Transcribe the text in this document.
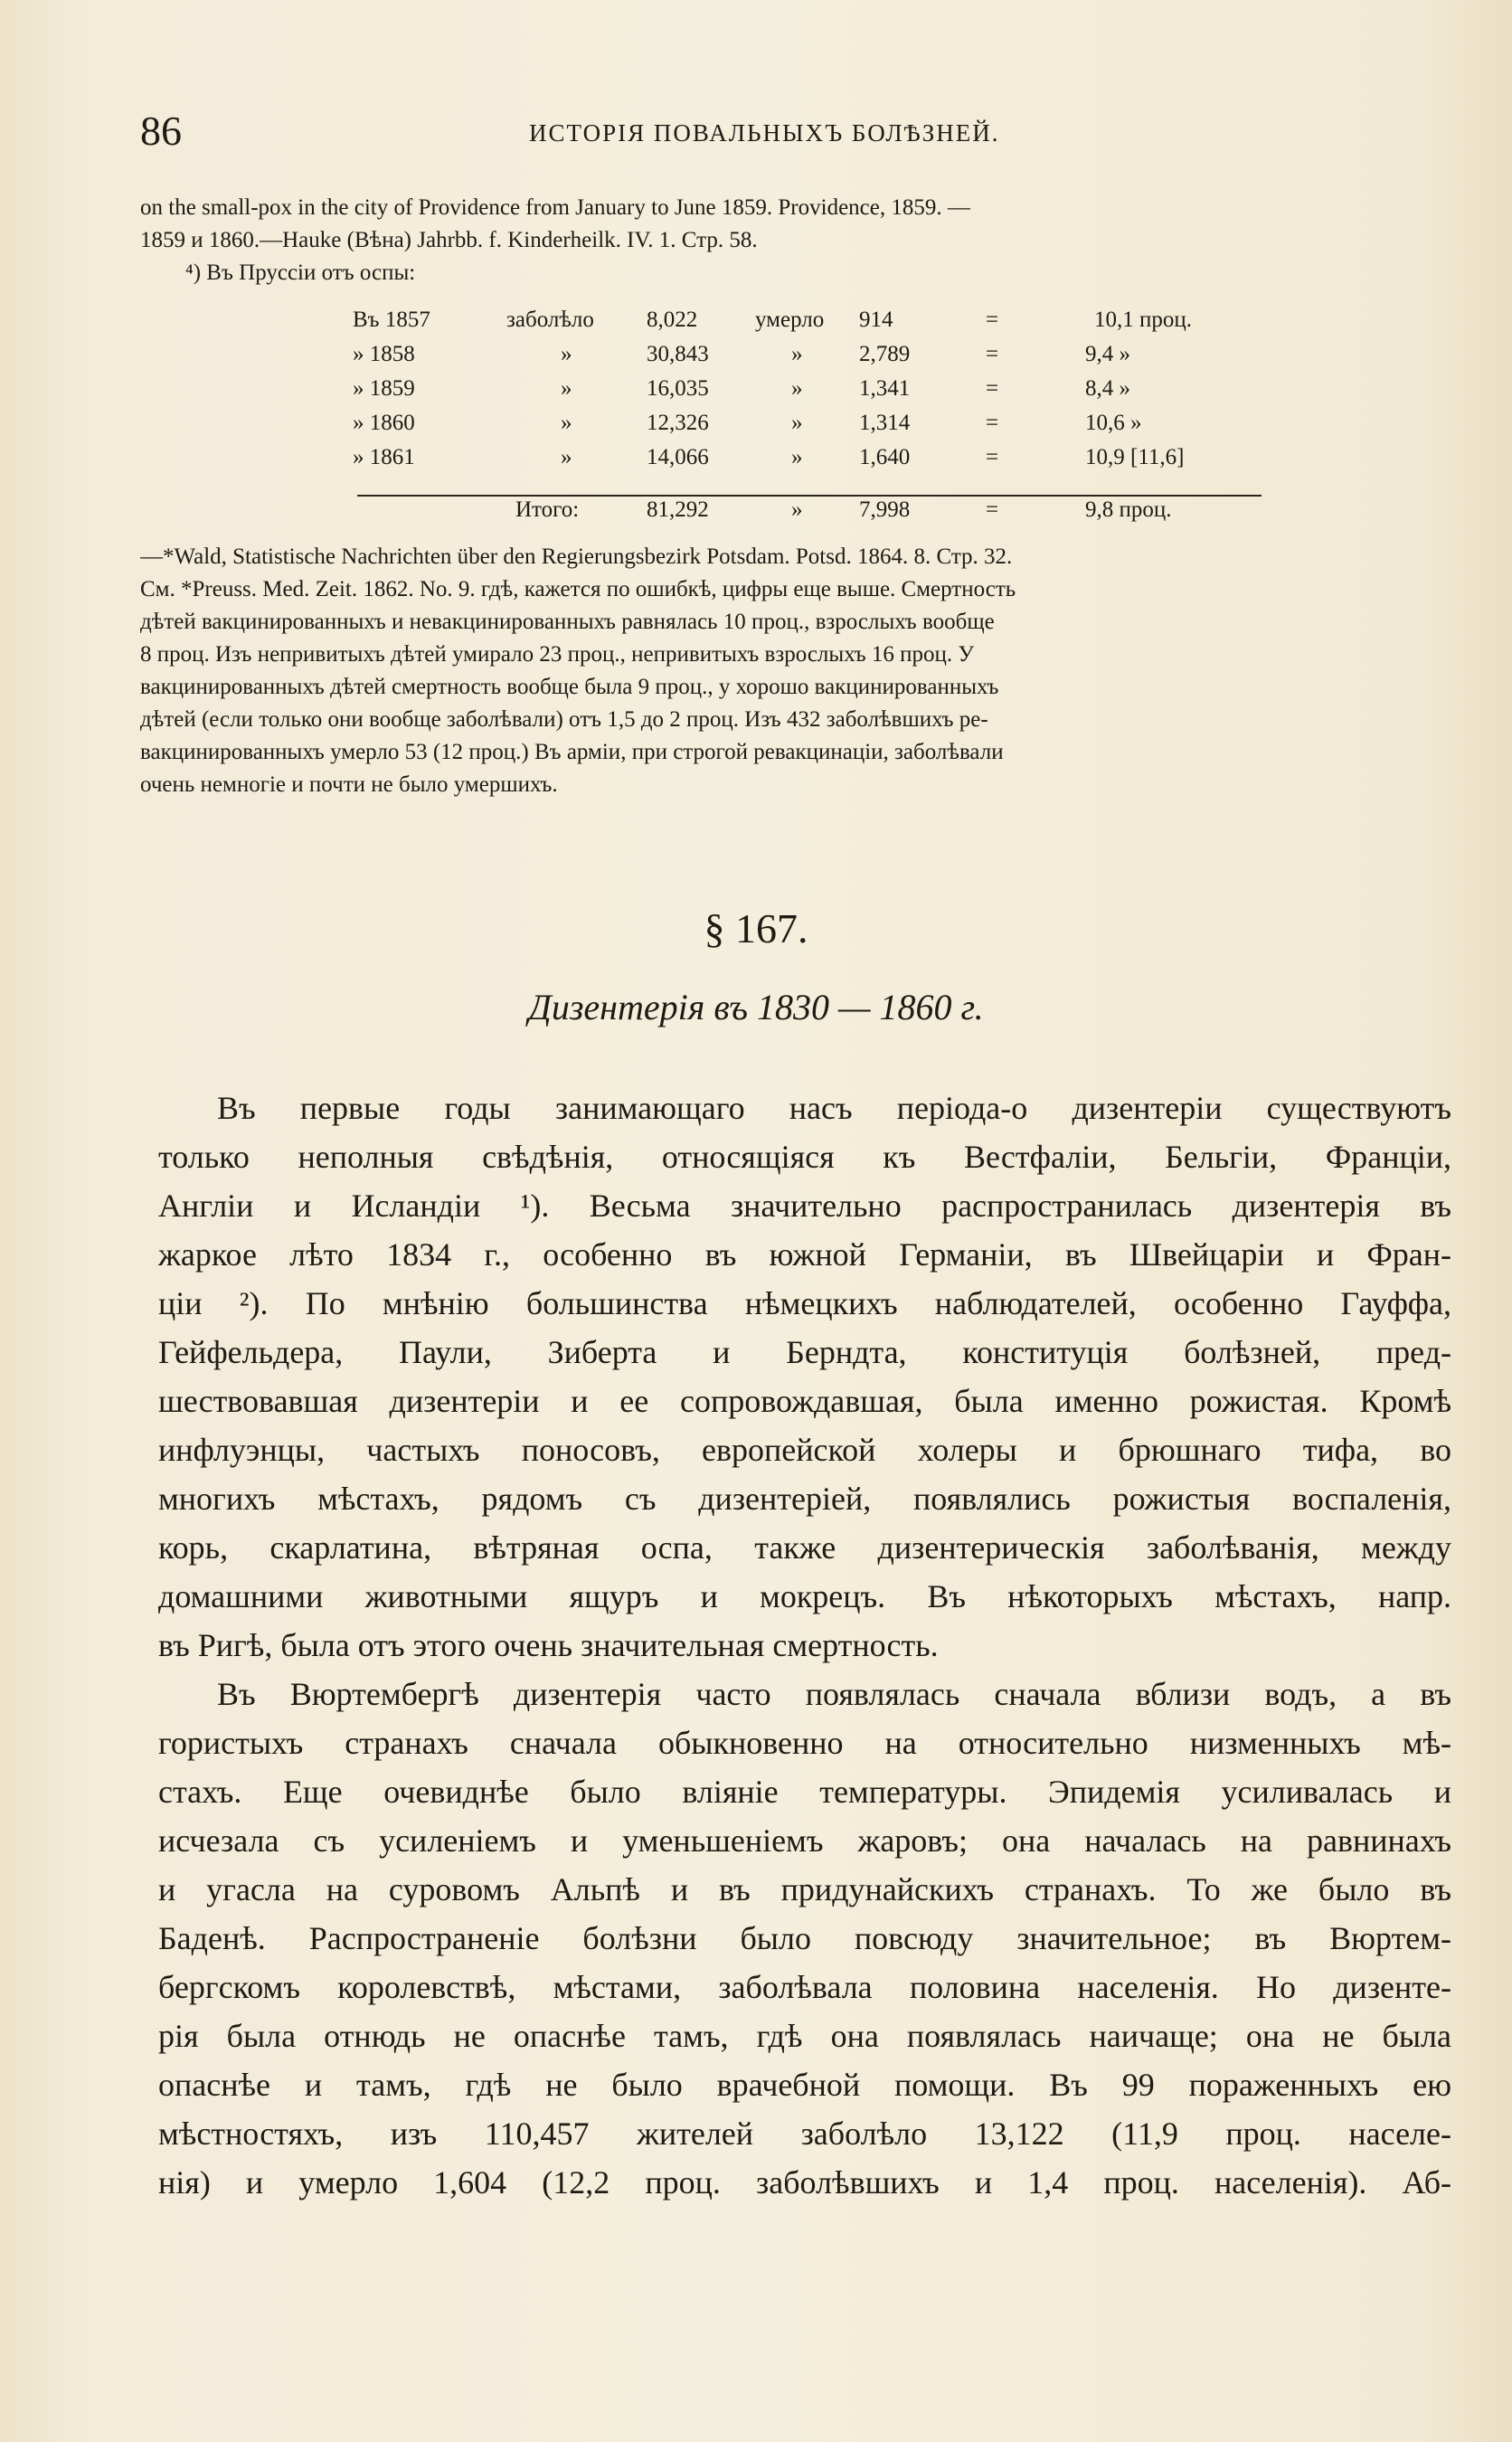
86	ИСТОРІЯ ПОВАЛЬНЫХЪ БОЛѢЗНЕЙ.
on the small-pox in the city of Providence from January to June 1859. Providence, 1859. —
1859 и 1860.—Hauke (Вѣна) Jahrbb. f. Kinderheilk. IV. 1. Стр. 58.
⁴) Въ Пруссіи отъ оспы:
Въ 1857	заболѣло 8,022	умерло 914	=	10,1 проц.
» 1858	»	30,843	»	2,789	=	9,4 »
» 1859	»	16,035	»	1,341	=	8,4 »
» 1860	»	12,326	»	1,314	=	10,6 »
» 1861	»	14,066	»	1,640	=	10,9 [11,6]
Итого:	81,292	»	7,998	=	9,8 проц.
—*Wald, Statistische Nachrichten über den Regierungsbezirk Potsdam. Potsd. 1864. 8. Стр. 32.
См. *Preuss. Med. Zeit. 1862. No. 9. гдѣ, кажется по ошибкѣ, цифры еще выше. Смертность
дѣтей вакцинированныхъ и невакцинированныхъ равнялась 10 проц., взрослыхъ вообще
8 проц. Изъ непривитыхъ дѣтей умирало 23 проц., непривитыхъ взрослыхъ 16 проц. У
вакцинированныхъ дѣтей смертность вообще была 9 проц., у хорошо вакцинированныхъ
дѣтей (если только они вообще заболѣвали) отъ 1,5 до 2 проц. Изъ 432 заболѣвшихъ ре-
вакцинированныхъ умерло 53 (12 проц.) Въ арміи, при строгой ревакцинаціи, заболѣвали
очень немногіе и почти не было умершихъ.
§ 167.
Дизентерія въ 1830 — 1860 г.
Въ первые годы занимающаго насъ періода-о дизентеріи существуютъ
только неполныя свѣдѣнія, относящіяся къ Вестфаліи, Бельгіи, Франціи,
Англіи и Исландіи ¹). Весьма значительно распространилась дизентерія въ
жаркое лѣто 1834 г., особенно въ южной Германіи, въ Швейцаріи и Фран-
ціи ²). По мнѣнію большинства нѣмецкихъ наблюдателей, особенно Гауффа,
Гейфельдера, Паули, Зиберта и Берндта, конституція болѣзней, пред-
шествовавшая дизентеріи и ее сопровождавшая, была именно рожистая. Кромѣ
инфлуэнцы, частыхъ поносовъ, европейской холеры и брюшнаго тифа, во
многихъ мѣстахъ, рядомъ съ дизентеріей, появлялись рожистыя воспаленія,
корь, скарлатина, вѣтряная оспа, также дизентерическія заболѣванія, между
домашними животными ящуръ и мокрецъ. Въ нѣкоторыхъ мѣстахъ, напр.
въ Ригѣ, была отъ этого очень значительная смертность.
Въ Вюртембергѣ дизентерія часто появлялась сначала вблизи водъ, а въ
гористыхъ странахъ сначала обыкновенно на относительно низменныхъ мѣ-
стахъ. Еще очевиднѣе было вліяніе температуры. Эпидемія усиливалась и
исчезала съ усиленіемъ и уменьшеніемъ жаровъ; она началась на равнинахъ
и угасла на суровомъ Альпѣ и въ придунайскихъ странахъ. То же было въ
Баденѣ. Распространеніе болѣзни было повсюду значительное; въ Вюртем-
бергскомъ королевствѣ, мѣстами, заболѣвала половина населенія. Но дизенте-
рія была отнюдь не опаснѣе тамъ, гдѣ она появлялась наичаще; она не была
опаснѣе и тамъ, гдѣ не было врачебной помощи. Въ 99 пораженныхъ ею
мѣстностяхъ, изъ 110,457 жителей заболѣло 13,122 (11,9 проц. населе-
нія) и умерло 1,604 (12,2 проц. заболѣвшихъ и 1,4 проц. населенія). Аб-
